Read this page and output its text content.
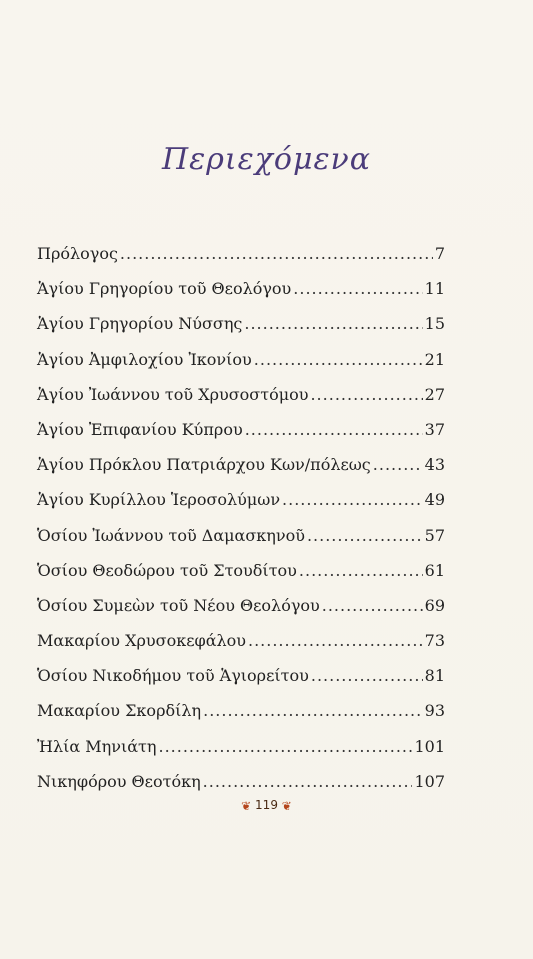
Περιεχόμενα
Πρόλογος .....	7
Ἁγίου Γρηγορίου τοῦ Θεολόγου .....	11
Ἁγίου Γρηγορίου Νύσσης .....	15
Ἁγίου Ἀμφιλοχίου Ἰκονίου .....	21
Ἁγίου Ἰωάννου τοῦ Χρυσοστόμου .....	27
Ἁγίου Ἐπιφανίου Κύπρου .....	37
Ἁγίου Πρόκλου Πατριάρχου Κων/πόλεως .....	43
Ἁγίου Κυρίλλου Ἱεροσολύμων .....	49
Ὁσίου Ἰωάννου τοῦ Δαμασκηνοῦ .....	57
Ὁσίου Θεοδώρου τοῦ Στουδίτου .....	61
Ὁσίου Συμεὼν τοῦ Νέου Θεολόγου .....	69
Μακαρίου Χρυσοκεφάλου .....	73
Ὁσίου Νικοδήμου τοῦ Ἁγιορείτου .....	81
Μακαρίου Σκορδίλη .....	93
Ἠλία Μηνιάτη .....	101
Νικηφόρου Θεοτόκη .....	107
❦ 119 ❦
